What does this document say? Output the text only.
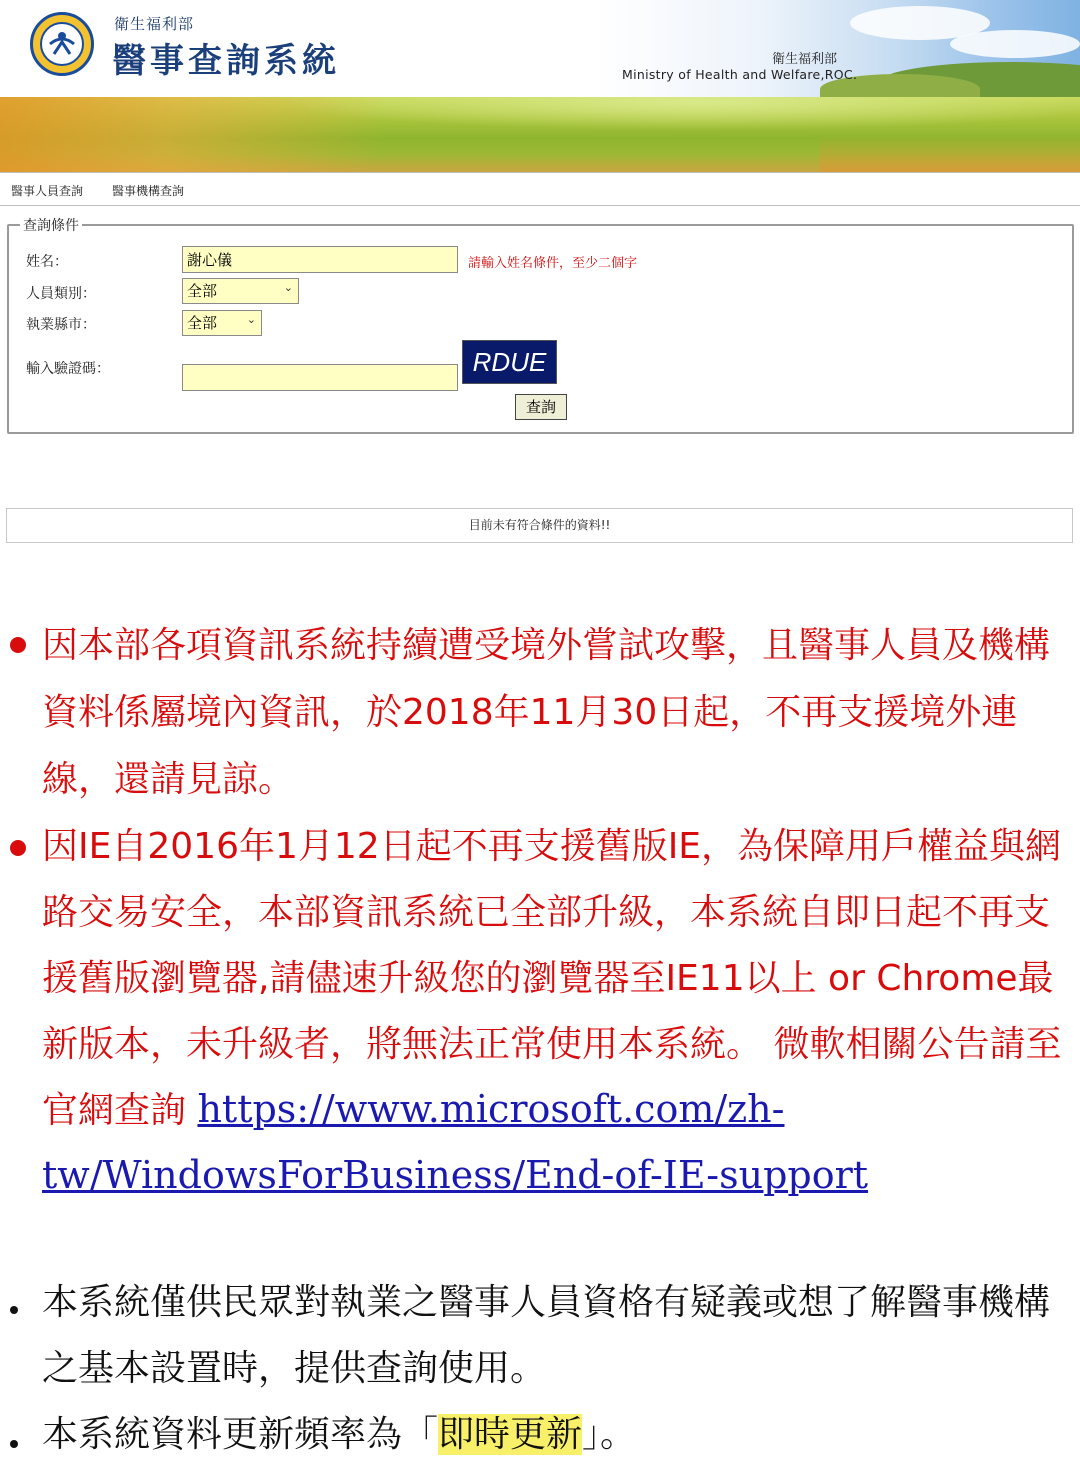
衛生福利部
醫事查詢系統	衛生福利部
Ministry of Health and Welfare,ROC.
醫事人員查詢 醫事機構查詢
查詢條件
姓名：	謝心儀	請輸入姓名條件，至少二個字
人員類別：	全部	⌄
執業縣市：	全部	⌄
輸入驗證碼：	RDUE
查詢
目前未有符合條件的資料!!
因本部各項資訊系統持續遭受境外嘗試攻擊，且醫事人員及機構資料係屬境內資訊，於2018年11月30日起，不再支援境外連線，還請見諒。
因IE自2016年1月12日起不再支援舊版IE，為保障用戶權益與網路交易安全，本部資訊系統已全部升級，本系統自即日起不再支援舊版瀏覽器,請儘速升級您的瀏覽器至IE11以上 or Chrome最新版本，未升級者，將無法正常使用本系統。 微軟相關公告請至官網查詢 https://www.microsoft.com/zh-tw/WindowsForBusiness/End-of-IE-support
本系統僅供民眾對執業之醫事人員資格有疑義或想了解醫事機構之基本設置時，提供查詢使用。
本系統資料更新頻率為「即時更新」。
